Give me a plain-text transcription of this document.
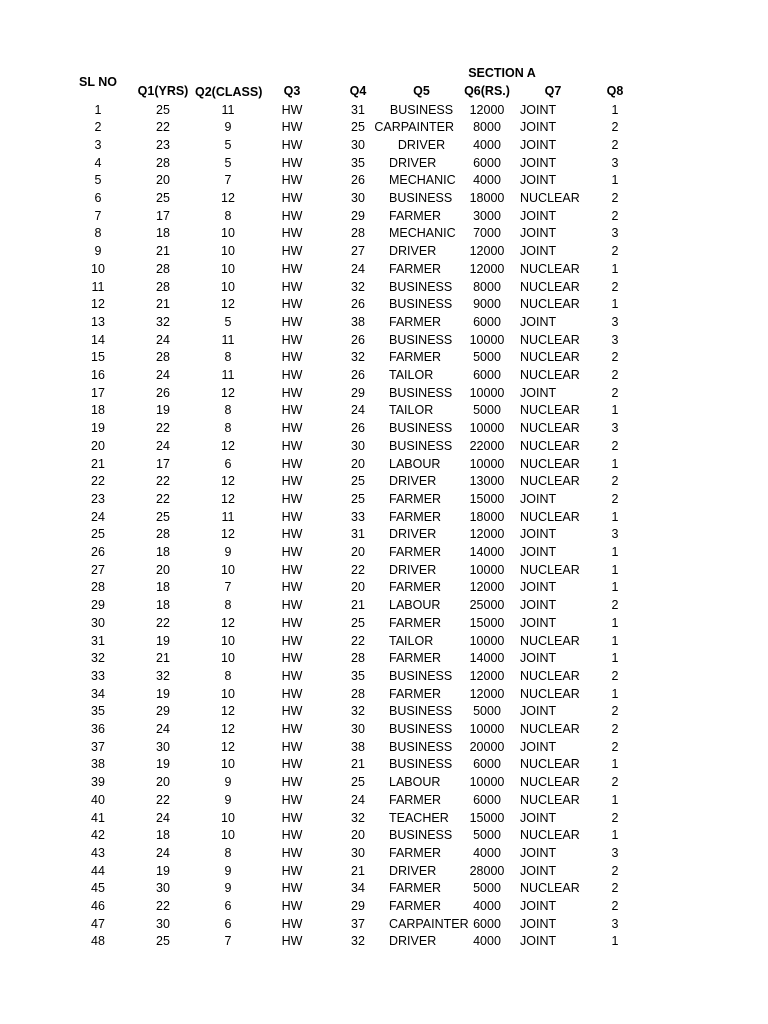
SECTION A
SL NO
Q1(YRS) Q2(CLASS) Q3	Q4	Q5	Q6(RS.)	Q7	Q8
1	25	11	HW	31	BUSINESS	12000	JOINT	1
2	22	9	HW	25 CARPAINTER	8000	JOINT	2
3	23	5	HW	30	DRIVER	4000	JOINT	2
4	28	5	HW	35	DRIVER	6000	JOINT	3
5	20	7	HW	26	MECHANIC	4000	JOINT	1
6	25	12	HW	30	BUSINESS	18000	NUCLEAR	2
7	17	8	HW	29	FARMER	3000	JOINT	2
8	18	10	HW	28	MECHANIC	7000	JOINT	3
9	21	10	HW	27	DRIVER	12000	JOINT	2
10	28	10	HW	24	FARMER	12000	NUCLEAR	1
11	28	10	HW	32	BUSINESS	8000	NUCLEAR	2
12	21	12	HW	26	BUSINESS	9000	NUCLEAR	1
13	32	5	HW	38	FARMER	6000	JOINT	3
14	24	11	HW	26	BUSINESS	10000	NUCLEAR	3
15	28	8	HW	32	FARMER	5000	NUCLEAR	2
16	24	11	HW	26	TAILOR	6000	NUCLEAR	2
17	26	12	HW	29	BUSINESS	10000	JOINT	2
18	19	8	HW	24	TAILOR	5000	NUCLEAR	1
19	22	8	HW	26	BUSINESS	10000	NUCLEAR	3
20	24	12	HW	30	BUSINESS	22000	NUCLEAR	2
21	17	6	HW	20	LABOUR	10000	NUCLEAR	1
22	22	12	HW	25	DRIVER	13000	NUCLEAR	2
23	22	12	HW	25	FARMER	15000	JOINT	2
24	25	11	HW	33	FARMER	18000	NUCLEAR	1
25	28	12	HW	31	DRIVER	12000	JOINT	3
26	18	9	HW	20	FARMER	14000	JOINT	1
27	20	10	HW	22	DRIVER	10000	NUCLEAR	1
28	18	7	HW	20	FARMER	12000	JOINT	1
29	18	8	HW	21	LABOUR	25000	JOINT	2
30	22	12	HW	25	FARMER	15000	JOINT	1
31	19	10	HW	22	TAILOR	10000	NUCLEAR	1
32	21	10	HW	28	FARMER	14000	JOINT	1
33	32	8	HW	35	BUSINESS	12000	NUCLEAR	2
34	19	10	HW	28	FARMER	12000	NUCLEAR	1
35	29	12	HW	32	BUSINESS	5000	JOINT	2
36	24	12	HW	30	BUSINESS	10000	NUCLEAR	2
37	30	12	HW	38	BUSINESS	20000	JOINT	2
38	19	10	HW	21	BUSINESS	6000	NUCLEAR	1
39	20	9	HW	25	LABOUR	10000	NUCLEAR	2
40	22	9	HW	24	FARMER	6000	NUCLEAR	1
41	24	10	HW	32	TEACHER	15000	JOINT	2
42	18	10	HW	20	BUSINESS	5000	NUCLEAR	1
43	24	8	HW	30	FARMER	4000	JOINT	3
44	19	9	HW	21	DRIVER	28000	JOINT	2
45	30	9	HW	34	FARMER	5000	NUCLEAR	2
46	22	6	HW	29	FARMER	4000	JOINT	2
47	30	6	HW	37	CARPAINTER 6000	JOINT	3
48	25	7	HW	32	DRIVER	4000	JOINT	1
